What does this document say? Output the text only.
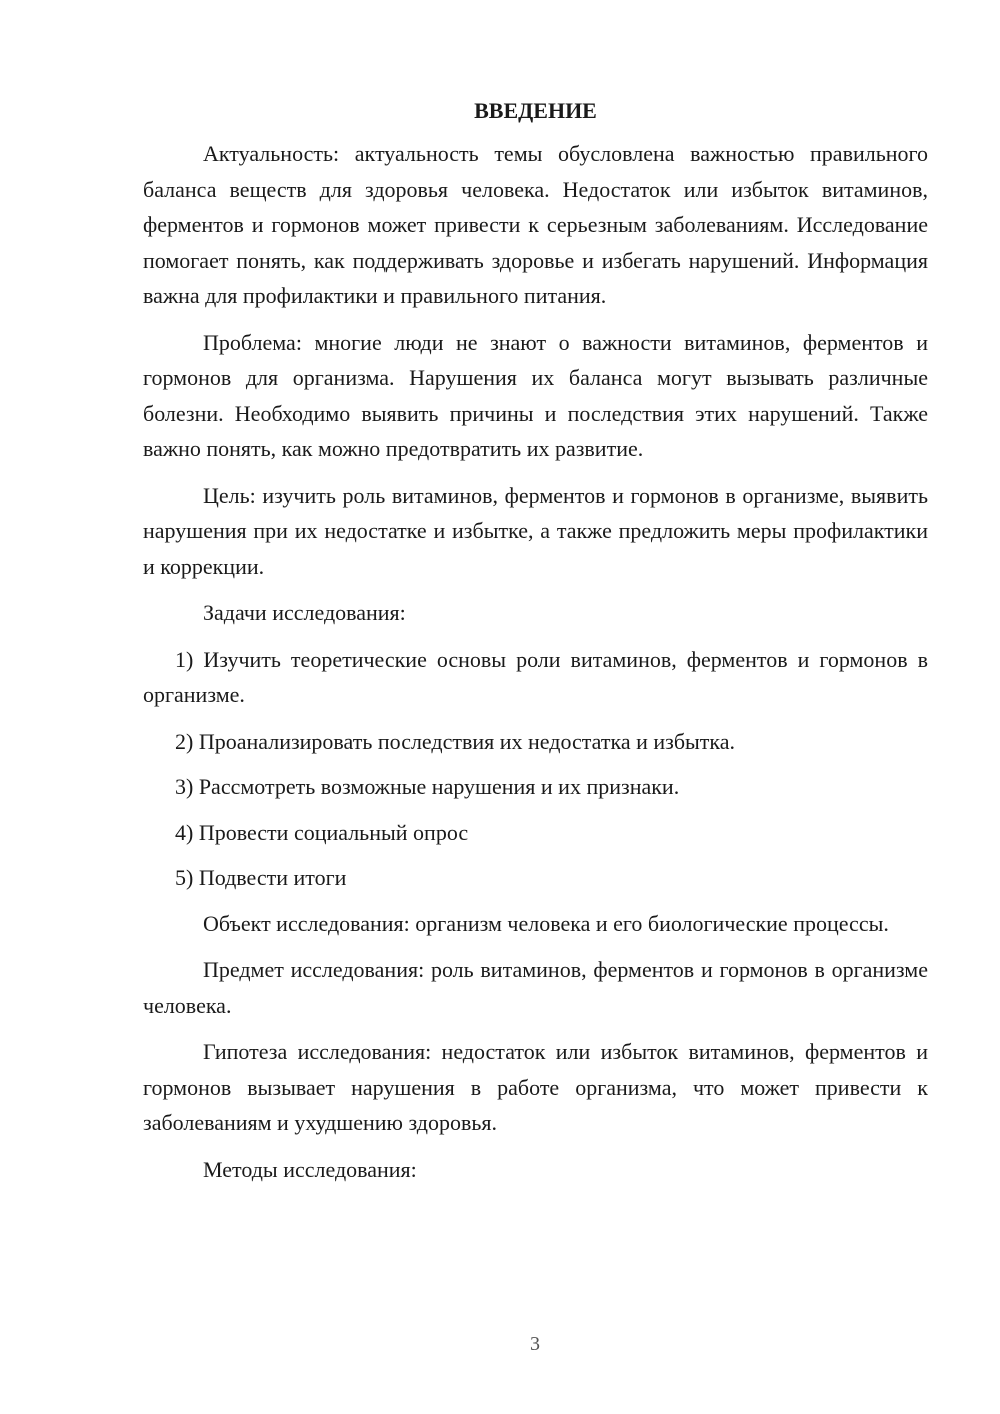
ВВЕДЕНИЕ

Актуальность: актуальность темы обусловлена важностью правильного баланса веществ для здоровья человека. Недостаток или избыток витаминов, ферментов и гормонов может привести к серьезным заболеваниям. Исследование помогает понять, как поддерживать здоровье и избегать нарушений. Информация важна для профилактики и правильного питания.

Проблема: многие люди не знают о важности витаминов, ферментов и гормонов для организма. Нарушения их баланса могут вызывать различные болезни. Необходимо выявить причины и последствия этих нарушений. Также важно понять, как можно предотвратить их развитие.

Цель: изучить роль витаминов, ферментов и гормонов в организме, выявить нарушения при их недостатке и избытке, а также предложить меры профилактики и коррекции.

Задачи исследования:

1) Изучить теоретические основы роли витаминов, ферментов и гормонов в организме.

2) Проанализировать последствия их недостатка и избытка.

3) Рассмотреть возможные нарушения и их признаки.

4) Провести социальный опрос

5) Подвести итоги

Объект исследования: организм человека и его биологические процессы.

Предмет исследования: роль витаминов, ферментов и гормонов в организме человека.

Гипотеза исследования: недостаток или избыток витаминов, ферментов и гормонов вызывает нарушения в работе организма, что может привести к заболеваниям и ухудшению здоровья.

Методы исследования:

3
